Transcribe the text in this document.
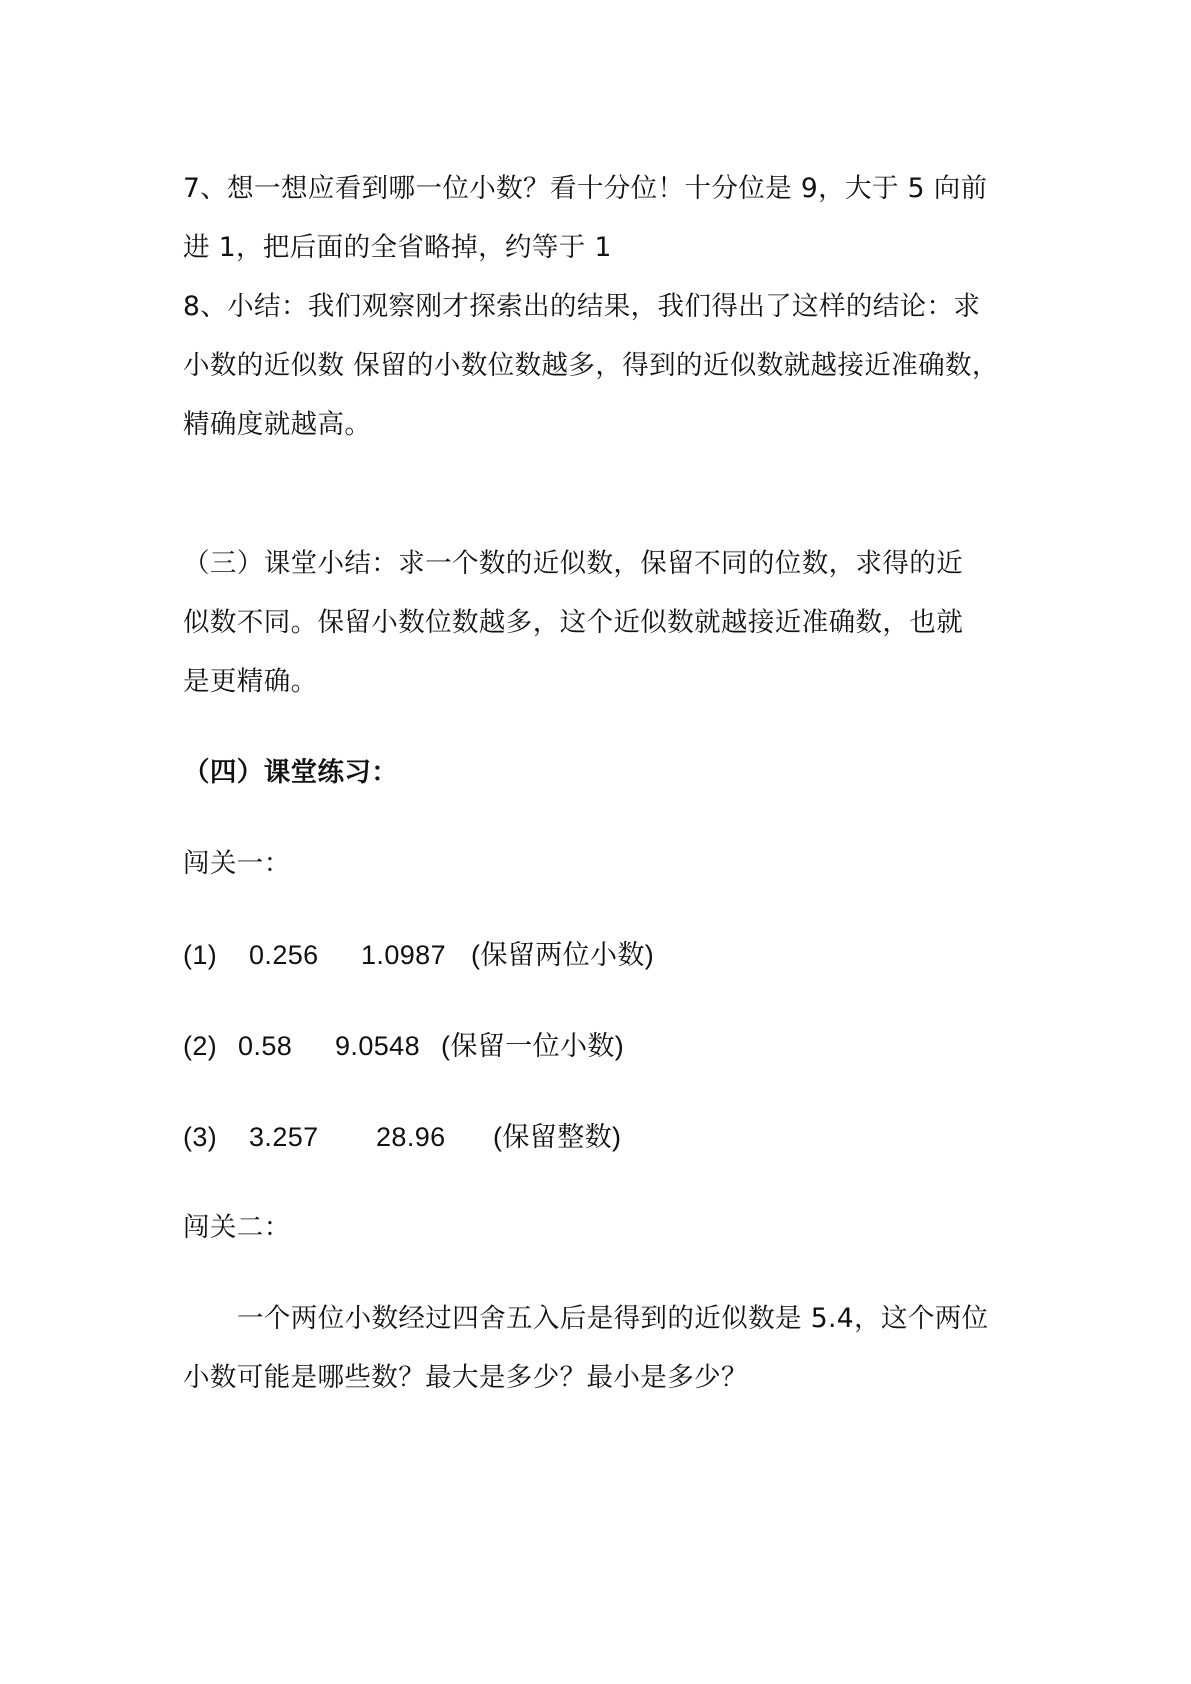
7、想一想应看到哪一位小数？看十分位！十分位是 9，大于 5 向前
进 1，把后面的全省略掉，约等于 1
8、小结：我们观察刚才探索出的结果，我们得出了这样的结论：求
小数的近似数 保留的小数位数越多，得到的近似数就越接近准确数，
精确度就越高。
（三）课堂小结：求一个数的近似数，保留不同的位数，求得的近
似数不同。保留小数位数越多，这个近似数就越接近准确数，也就
是更精确。
（四）课堂练习：
闯关一：
(1) 0.256 1.0987 (保留两位小数)
(2) 0.58 9.0548 (保留一位小数)
(3) 3.257 28.96 (保留整数)
闯关二：
一个两位小数经过四舍五入后是得到的近似数是 5.4，这个两位
小数可能是哪些数？最大是多少？最小是多少？
